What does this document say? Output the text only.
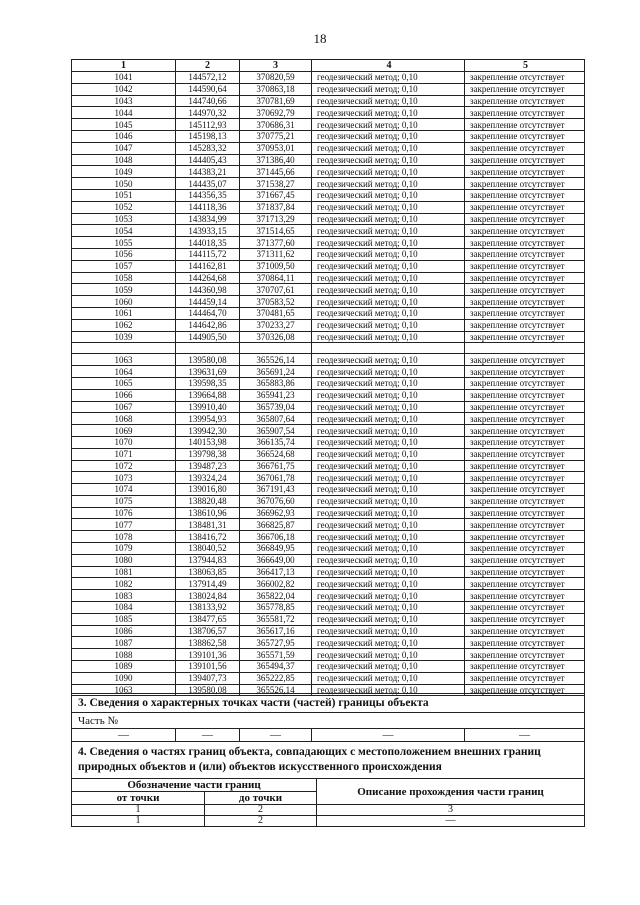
18
1	2	3	4	5
1041	144572,12	370820,59	геодезический метод; 0,10	закрепление отсутствует
1042	144590,64	370863,18	геодезический метод; 0,10	закрепление отсутствует
1043	144740,66	370781,69	геодезический метод; 0,10	закрепление отсутствует
1044	144970,32	370692,79	геодезический метод; 0,10	закрепление отсутствует
1045	145112,93	370686,31	геодезический метод; 0,10	закрепление отсутствует
1046	145198,13	370775,21	геодезический метод; 0,10	закрепление отсутствует
1047	145283,32	370953,01	геодезический метод; 0,10	закрепление отсутствует
1048	144405,43	371386,40	геодезический метод; 0,10	закрепление отсутствует
1049	144383,21	371445,66	геодезический метод; 0,10	закрепление отсутствует
1050	144435,07	371538,27	геодезический метод; 0,10	закрепление отсутствует
1051	144356,35	371667,45	геодезический метод; 0,10	закрепление отсутствует
1052	144118,36	371837,84	геодезический метод; 0,10	закрепление отсутствует
1053	143834,99	371713,29	геодезический метод; 0,10	закрепление отсутствует
1054	143933,15	371514,65	геодезический метод; 0,10	закрепление отсутствует
1055	144018,35	371377,60	геодезический метод; 0,10	закрепление отсутствует
1056	144115,72	371311,62	геодезический метод; 0,10	закрепление отсутствует
1057	144162,81	371009,50	геодезический метод; 0,10	закрепление отсутствует
1058	144264,68	370864,11	геодезический метод; 0,10	закрепление отсутствует
1059	144360,98	370707,61	геодезический метод; 0,10	закрепление отсутствует
1060	144459,14	370583,52	геодезический метод; 0,10	закрепление отсутствует
1061	144464,70	370481,65	геодезический метод; 0,10	закрепление отсутствует
1062	144642,86	370233,27	геодезический метод; 0,10	закрепление отсутствует
1039	144905,50	370326,08	геодезический метод; 0,10	закрепление отсутствует

1063	139580,08	365526,14	геодезический метод; 0,10	закрепление отсутствует
1064	139631,69	365691,24	геодезический метод; 0,10	закрепление отсутствует
1065	139598,35	365883,86	геодезический метод; 0,10	закрепление отсутствует
1066	139664,88	365941,23	геодезический метод; 0,10	закрепление отсутствует
1067	139910,40	365739,04	геодезический метод; 0,10	закрепление отсутствует
1068	139954,93	365807,64	геодезический метод; 0,10	закрепление отсутствует
1069	139942,30	365907,54	геодезический метод; 0,10	закрепление отсутствует
1070	140153,98	366135,74	геодезический метод; 0,10	закрепление отсутствует
1071	139798,38	366524,68	геодезический метод; 0,10	закрепление отсутствует
1072	139487,23	366761,75	геодезический метод; 0,10	закрепление отсутствует
1073	139324,24	367061,78	геодезический метод; 0,10	закрепление отсутствует
1074	139016,80	367191,43	геодезический метод; 0,10	закрепление отсутствует
1075	138820,48	367076,60	геодезический метод; 0,10	закрепление отсутствует
1076	138610,96	366962,93	геодезический метод; 0,10	закрепление отсутствует
1077	138481,31	366825,87	геодезический метод; 0,10	закрепление отсутствует
1078	138416,72	366706,18	геодезический метод; 0,10	закрепление отсутствует
1079	138040,52	366849,95	геодезический метод; 0,10	закрепление отсутствует
1080	137944,83	366649,00	геодезический метод; 0,10	закрепление отсутствует
1081	138063,85	366417,13	геодезический метод; 0,10	закрепление отсутствует
1082	137914,49	366002,82	геодезический метод; 0,10	закрепление отсутствует
1083	138024,84	365822,04	геодезический метод; 0,10	закрепление отсутствует
1084	138133,92	365778,85	геодезический метод; 0,10	закрепление отсутствует
1085	138477,65	365581,72	геодезический метод; 0,10	закрепление отсутствует
1086	138706,57	365617,16	геодезический метод; 0,10	закрепление отсутствует
1087	138862,58	365727,95	геодезический метод; 0,10	закрепление отсутствует
1088	139101,36	365571,59	геодезический метод; 0,10	закрепление отсутствует
1089	139101,56	365494,37	геодезический метод; 0,10	закрепление отсутствует
1090	139407,73	365222,85	геодезический метод; 0,10	закрепление отсутствует
1063	139580,08	365526,14	геодезический метод; 0,10	закрепление отсутствует
3. Сведения о характерных точках части (частей) границы объекта
Часть №
—	—	—	—	—
4. Сведения о частях границ объекта, совпадающих с местоположением внешних границ природных объектов и (или) объектов искусственного происхождения		
Обозначение части границ		Описание прохождения части границ
от точки	до точки	
1	2	3
1	2	—
